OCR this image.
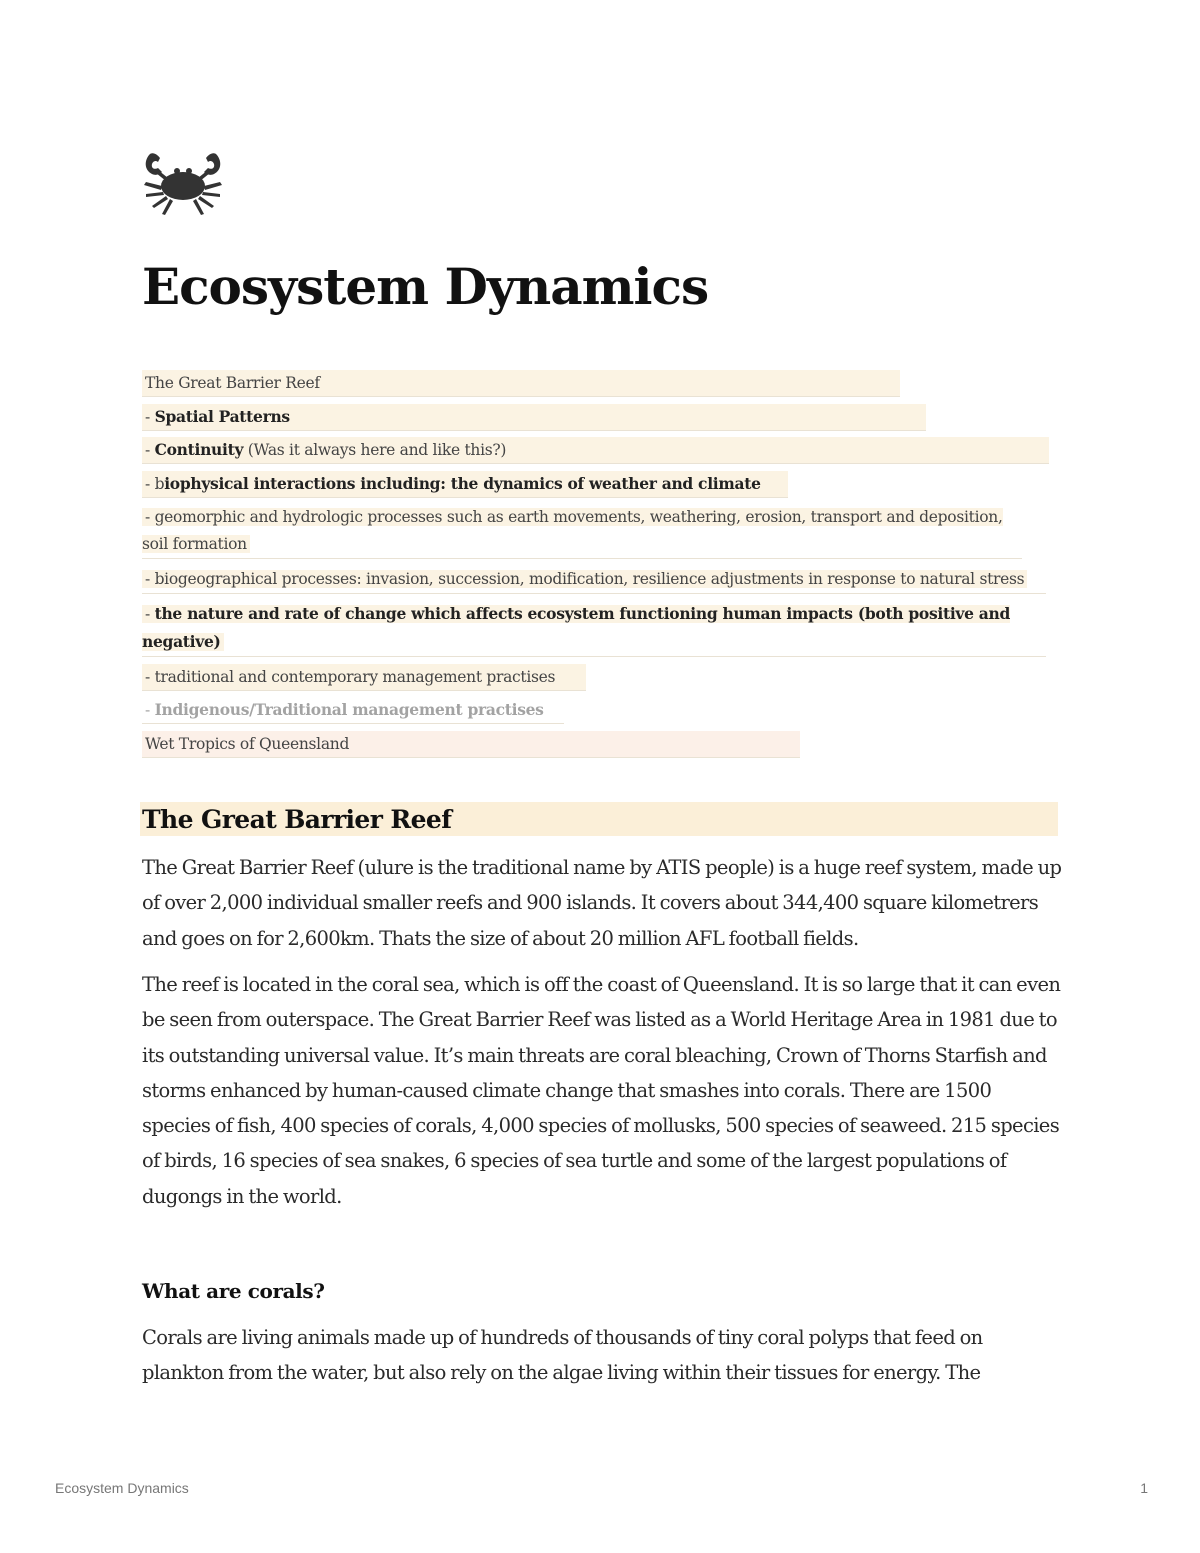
Ecosystem Dynamics
The Great Barrier Reef
- Spatial Patterns
- Continuity (Was it always here and like this?)
- biophysical interactions including: the dynamics of weather and climate
- geomorphic and hydrologic processes such as earth movements, weathering, erosion, transport and deposition, soil formation
- biogeographical processes: invasion, succession, modification, resilience adjustments in response to natural stress
- the nature and rate of change which affects ecosystem functioning human impacts (both positive and negative)
- traditional and contemporary management practises
- Indigenous/Traditional management practises
Wet Tropics of Queensland
The Great Barrier Reef

The Great Barrier Reef (ulure is the traditional name by ATIS people) is a huge reef system, made up of over 2,000 individual smaller reefs and 900 islands. It covers about 344,400 square kilometrers and goes on for 2,600km. Thats the size of about 20 million AFL football fields.

The reef is located in the coral sea, which is off the coast of Queensland. It is so large that it can even be seen from outerspace. The Great Barrier Reef was listed as a World Heritage Area in 1981 due to its outstanding universal value. It’s main threats are coral bleaching, Crown of Thorns Starfish and storms enhanced by human-caused climate change that smashes into corals. There are 1500 species of fish, 400 species of corals, 4,000 species of mollusks, 500 species of seaweed. 215 species of birds, 16 species of sea snakes, 6 species of sea turtle and some of the largest populations of dugongs in the world.

What are corals?

Corals are living animals made up of hundreds of thousands of tiny coral polyps that feed on plankton from the water, but also rely on the algae living within their tissues for energy. The

Ecosystem Dynamics	1
